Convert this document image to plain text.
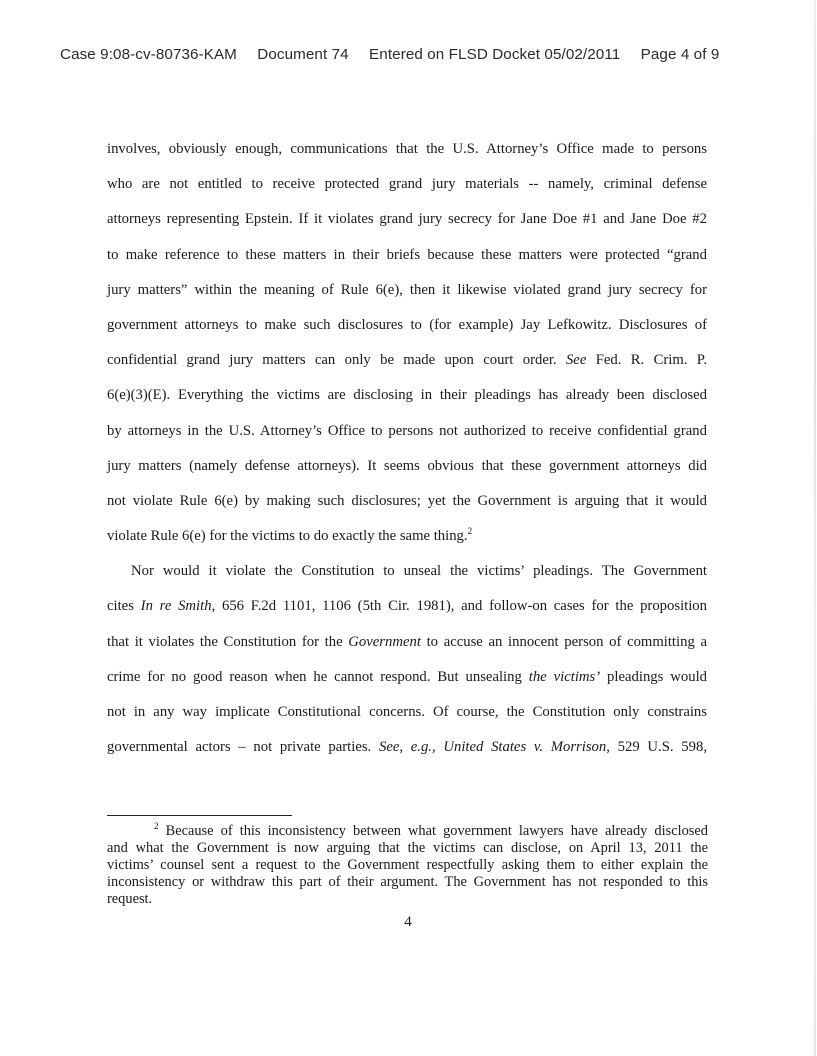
Case 9:08-cv-80736-KAM Document 74 Entered on FLSD Docket 05/02/2011 Page 4 of 9
involves, obviously enough, communications that the U.S. Attorney’s Office made to persons
who are not entitled to receive protected grand jury materials -- namely, criminal defense
attorneys representing Epstein. If it violates grand jury secrecy for Jane Doe #1 and Jane Doe #2
to make reference to these matters in their briefs because these matters were protected “grand
jury matters” within the meaning of Rule 6(e), then it likewise violated grand jury secrecy for
government attorneys to make such disclosures to (for example) Jay Lefkowitz. Disclosures of
confidential grand jury matters can only be made upon court order. See Fed. R. Crim. P.
6(e)(3)(E). Everything the victims are disclosing in their pleadings has already been disclosed
by attorneys in the U.S. Attorney’s Office to persons not authorized to receive confidential grand
jury matters (namely defense attorneys). It seems obvious that these government attorneys did
not violate Rule 6(e) by making such disclosures; yet the Government is arguing that it would
violate Rule 6(e) for the victims to do exactly the same thing.$^2$
Nor would it violate the Constitution to unseal the victims’ pleadings. The Government
cites In re Smith, 656 F.2d 1101, 1106 (5th Cir. 1981), and follow-on cases for the proposition
that it violates the Constitution for the Government to accuse an innocent person of committing a
crime for no good reason when he cannot respond. But unsealing the victims’ pleadings would
not in any way implicate Constitutional concerns. Of course, the Constitution only constrains
governmental actors – not private parties. See, e.g., United States v. Morrison, 529 U.S. 598,
$^2$ Because of this inconsistency between what government lawyers have already disclosed
and what the Government is now arguing that the victims can disclose, on April 13, 2011 the
victims’ counsel sent a request to the Government respectfully asking them to either explain the
inconsistency or withdraw this part of their argument. The Government has not responded to this
request.
4
